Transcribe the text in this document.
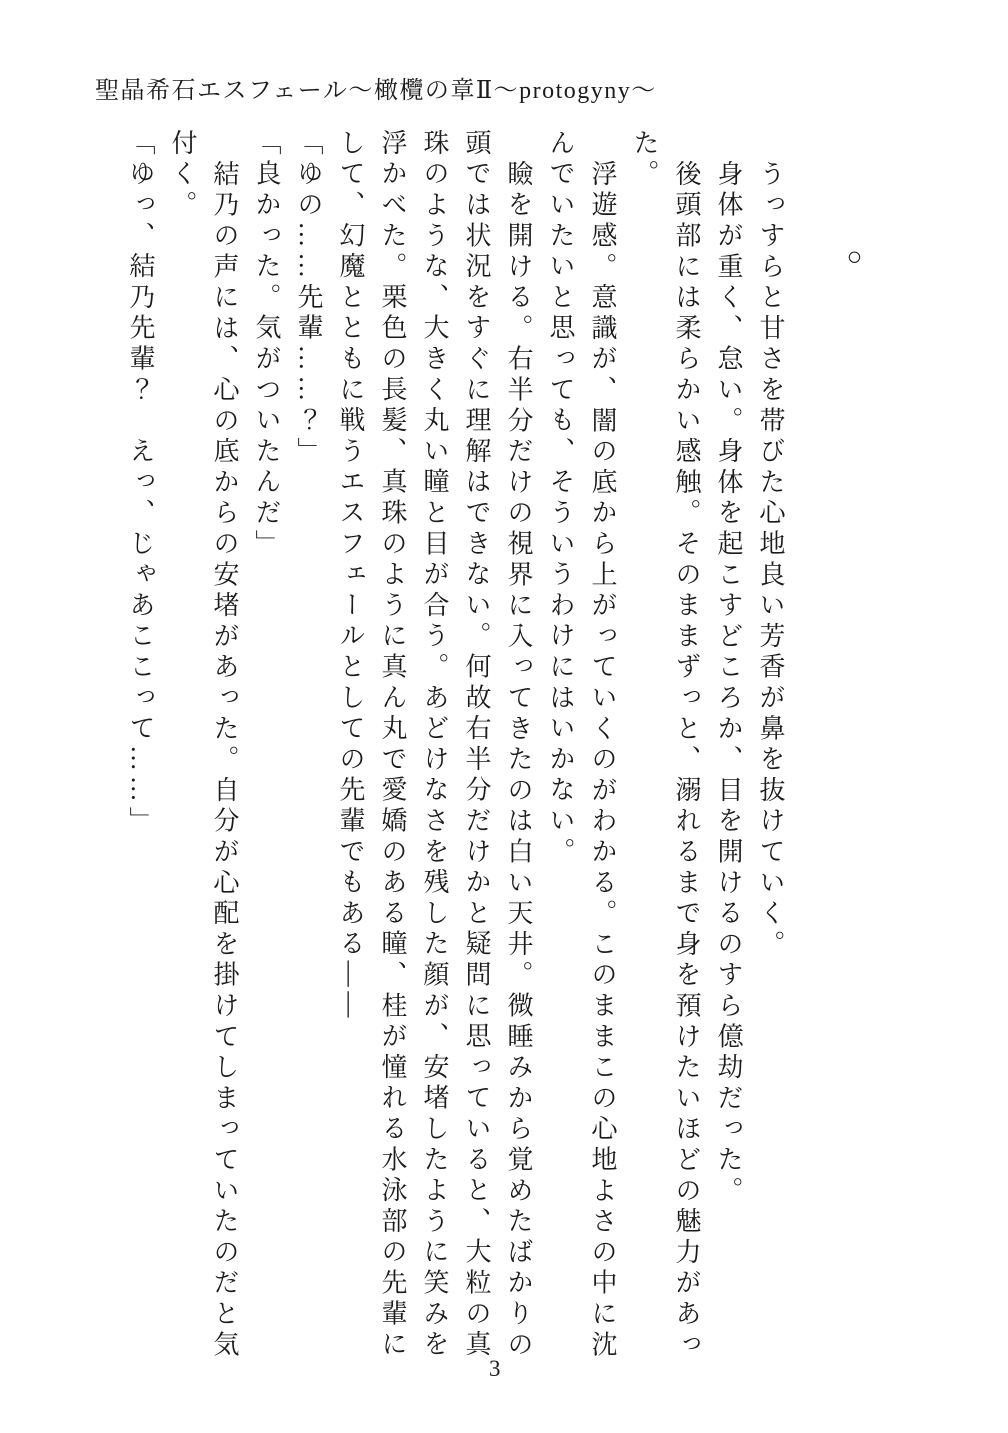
聖晶希石エスフェール～橄欖の章Ⅱ～protogyny～

○

うっすらと甘さを帯びた心地良い芳香が鼻を抜けていく。

身体が重く、怠い。身体を起こすどころか、目を開けるのすら億劫だった。

後頭部には柔らかい感触。そのままずっと、溺れるまで身を預けたいほどの魅力があった。

浮遊感。意識が、闇の底から上がっていくのがわかる。このままこの心地よさの中に沈んでいたいと思っても、そういうわけにはいかない。

瞼を開ける。右半分だけの視界に入ってきたのは白い天井。微睡みから覚めたばかりの頭では状況をすぐに理解はできない。何故右半分だけかと疑問に思っていると、大粒の真珠のような、大きく丸い瞳と目が合う。あどけなさを残した顔が、安堵したように笑みを浮かべた。栗色の長髪、真珠のように真ん丸で愛嬌のある瞳、桂が憧れる水泳部の先輩にして、幻魔とともに戦うエスフェールとしての先輩でもある――

「ゆの……先輩……？」

「良かった。気がついたんだ」

結乃の声には、心の底からの安堵があった。自分が心配を掛けてしまっていたのだと気付く。

「ゆっ、結乃先輩？　えっ、じゃあここって……」

3
